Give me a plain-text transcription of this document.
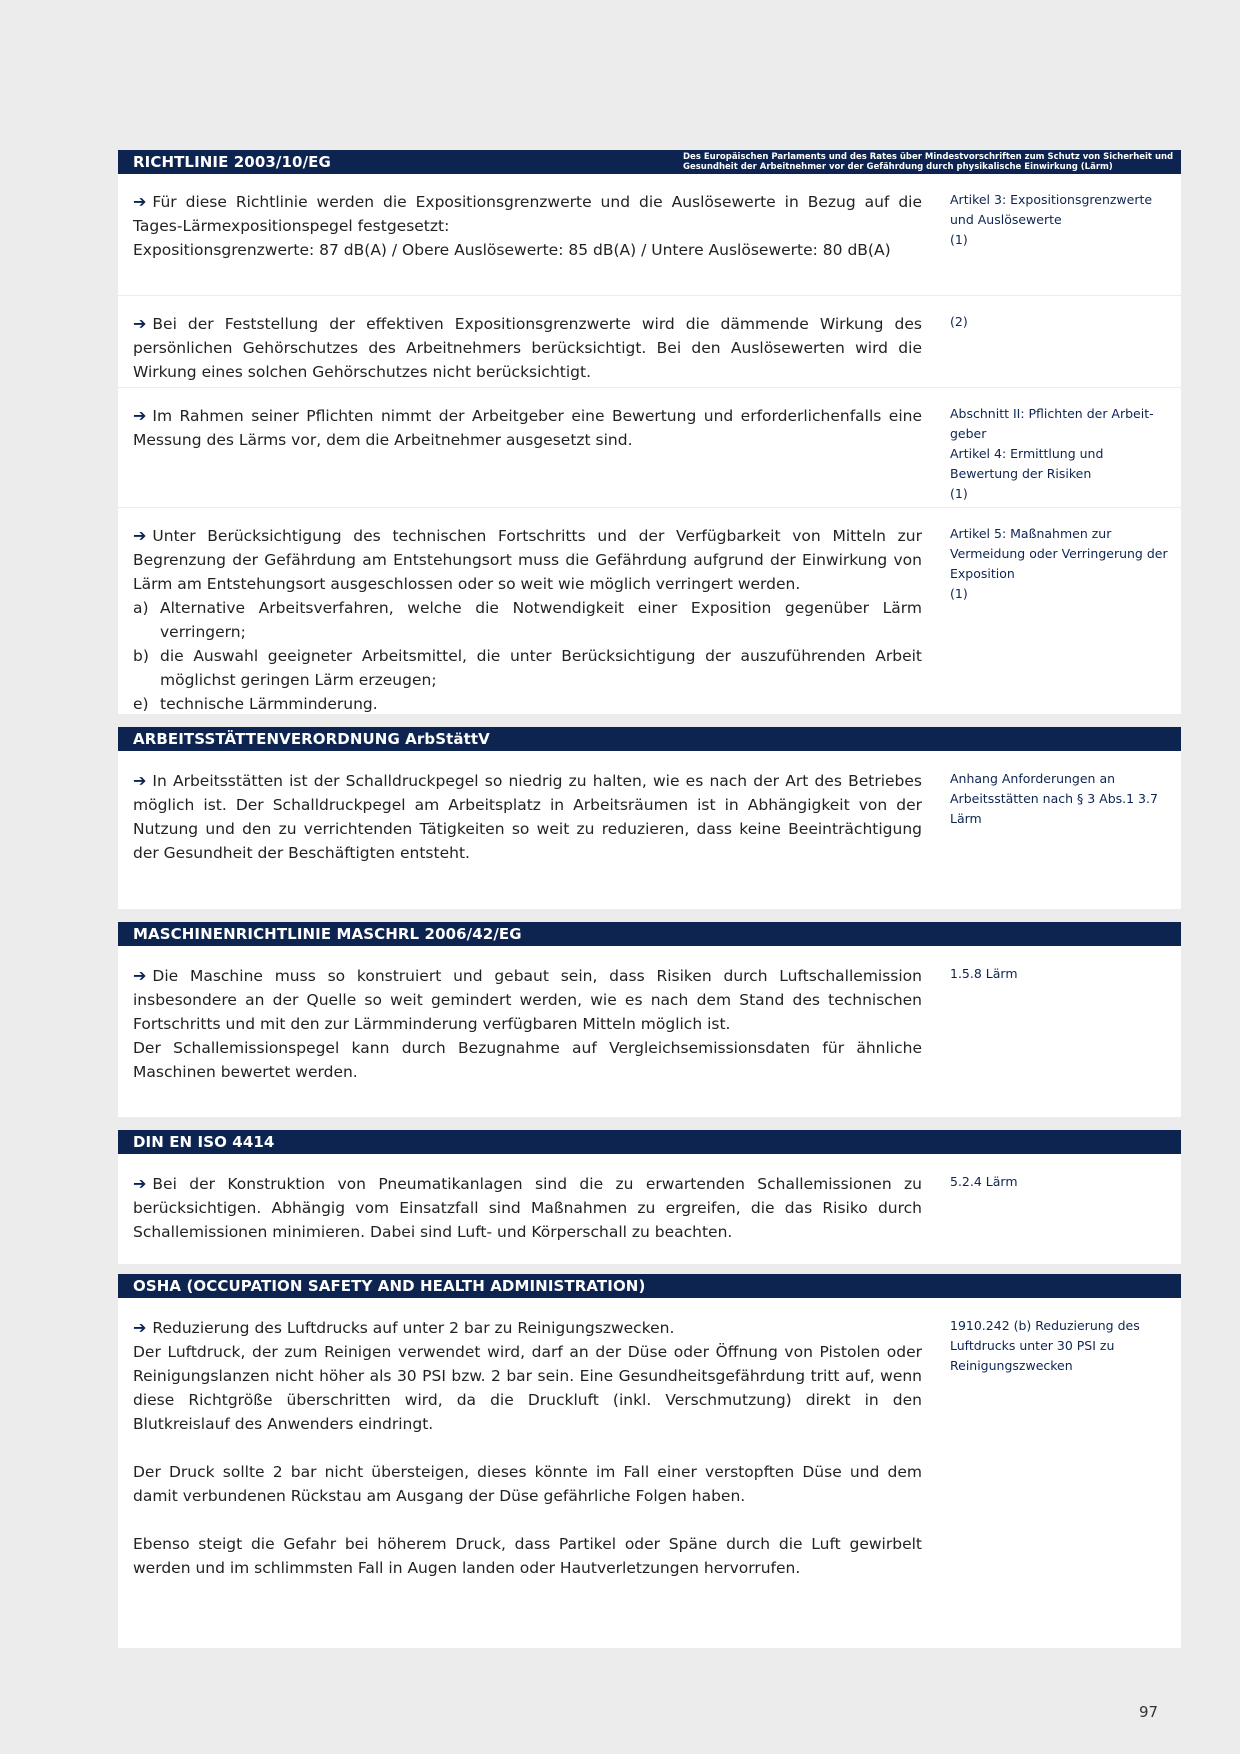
RICHTLINIE 2003/10/EG	Des Europäischen Parlaments und des Rates über Mindestvorschriften zum Schutz von Sicherheit und
Gesundheit der Arbeitnehmer vor der Gefährdung durch physikalische Einwirkung (Lärm)
➔ Für diese Richtlinie werden die Expositionsgrenzwerte und die Auslösewerte in Bezug auf die Tages-Lärmexpositionspegel festgesetzt:
Expositionsgrenzwerte: 87 dB(A) / Obere Auslösewerte: 85 dB(A) / Untere Auslösewerte: 80 dB(A)
Artikel 3: Expositionsgrenzwerte und Auslösewerte
(1)
➔ Bei der Feststellung der effektiven Expositionsgrenzwerte wird die dämmende Wirkung des persönlichen Gehörschutzes des Arbeitnehmers berücksichtigt. Bei den Auslösewerten wird die Wirkung eines solchen Gehörschutzes nicht berücksichtigt.
(2)
➔ Im Rahmen seiner Pflichten nimmt der Arbeitgeber eine Bewertung und erforderlichenfalls eine Messung des Lärms vor, dem die Arbeitnehmer ausgesetzt sind.
Abschnitt II: Pflichten der Arbeit-geber
Artikel 4: Ermittlung und Bewertung der Risiken
(1)
➔ Unter Berücksichtigung des technischen Fortschritts und der Verfügbarkeit von Mitteln zur Begrenzung der Gefährdung am Entstehungsort muss die Gefährdung aufgrund der Einwirkung von Lärm am Entstehungsort ausgeschlossen oder so weit wie möglich verringert werden.
a) Alternative Arbeitsverfahren, welche die Notwendigkeit einer Exposition gegenüber Lärm verringern;
b) die Auswahl geeigneter Arbeitsmittel, die unter Berücksichtigung der auszuführenden Arbeit möglichst geringen Lärm erzeugen;
e) technische Lärmminderung.
Artikel 5: Maßnahmen zur Vermeidung oder Verringerung der Exposition
(1)
ARBEITSSTÄTTENVERORDNUNG ArbStättV
➔ In Arbeitsstätten ist der Schalldruckpegel so niedrig zu halten, wie es nach der Art des Betriebes möglich ist. Der Schalldruckpegel am Arbeitsplatz in Arbeitsräumen ist in Abhängigkeit von der Nutzung und den zu verrichtenden Tätigkeiten so weit zu reduzieren, dass keine Beeinträchtigung der Gesundheit der Beschäftigten entsteht.
Anhang Anforderungen an Arbeitsstätten nach § 3 Abs.1 3.7 Lärm
MASCHINENRICHTLINIE MASCHRL 2006/42/EG
➔ Die Maschine muss so konstruiert und gebaut sein, dass Risiken durch Luftschallemission insbesondere an der Quelle so weit gemindert werden, wie es nach dem Stand des technischen Fortschritts und mit den zur Lärmminderung verfügbaren Mitteln möglich ist.
Der Schallemissionspegel kann durch Bezugnahme auf Vergleichsemissionsdaten für ähnliche Maschinen bewertet werden.
1.5.8 Lärm
DIN EN ISO 4414
➔ Bei der Konstruktion von Pneumatikanlagen sind die zu erwartenden Schallemissionen zu berücksichtigen. Abhängig vom Einsatzfall sind Maßnahmen zu ergreifen, die das Risiko durch Schallemissionen minimieren. Dabei sind Luft- und Körperschall zu beachten.
5.2.4 Lärm
OSHA (OCCUPATION SAFETY AND HEALTH ADMINISTRATION)
➔ Reduzierung des Luftdrucks auf unter 2 bar zu Reinigungszwecken.
Der Luftdruck, der zum Reinigen verwendet wird, darf an der Düse oder Öffnung von Pistolen oder Reinigungslanzen nicht höher als 30 PSI bzw. 2 bar sein. Eine Gesundheitsgefährdung tritt auf, wenn diese Richtgröße überschritten wird, da die Druckluft (inkl. Verschmutzung) direkt in den Blutkreislauf des Anwenders eindringt.
Der Druck sollte 2 bar nicht übersteigen, dieses könnte im Fall einer verstopften Düse und dem damit verbundenen Rückstau am Ausgang der Düse gefährliche Folgen haben.
Ebenso steigt die Gefahr bei höherem Druck, dass Partikel oder Späne durch die Luft gewirbelt werden und im schlimmsten Fall in Augen landen oder Hautverletzungen hervorrufen.
1910.242 (b) Reduzierung des Luftdrucks unter 30 PSI zu Reinigungszwecken
97
